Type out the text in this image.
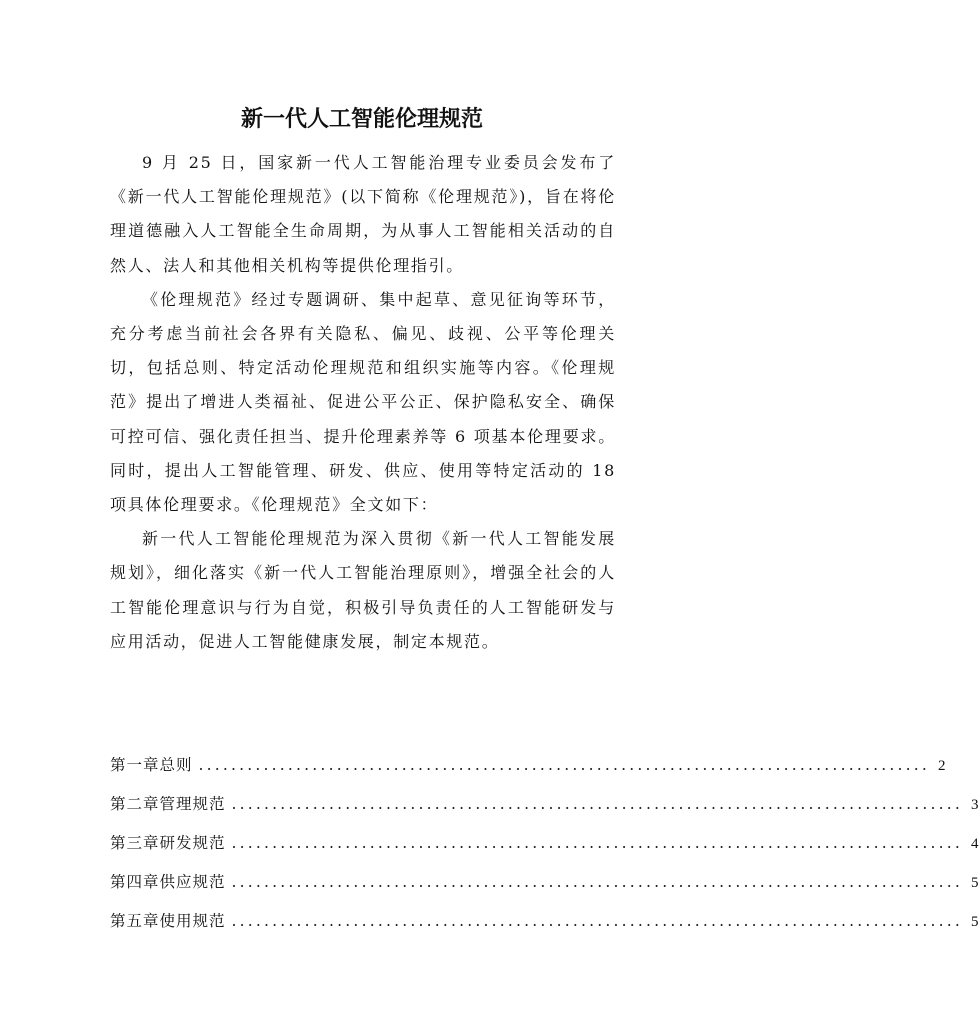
新一代人工智能伦理规范

9 月 25 日，国家新一代人工智能治理专业委员会发布了《新一代人工智能伦理规范》(以下简称《伦理规范》)，旨在将伦理道德融入人工智能全生命周期，为从事人工智能相关活动的自然人、法人和其他相关机构等提供伦理指引。

《伦理规范》经过专题调研、集中起草、意见征询等环节，充分考虑当前社会各界有关隐私、偏见、歧视、公平等伦理关切，包括总则、特定活动伦理规范和组织实施等内容。《伦理规范》提出了增进人类福祉、促进公平公正、保护隐私安全、确保可控可信、强化责任担当、提升伦理素养等 6 项基本伦理要求。同时，提出人工智能管理、研发、供应、使用等特定活动的 18 项具体伦理要求。《伦理规范》全文如下：

新一代人工智能伦理规范为深入贯彻《新一代人工智能发展规划》，细化落实《新一代人工智能治理原则》，增强全社会的人工智能伦理意识与行为自觉，积极引导负责任的人工智能研发与应用活动，促进人工智能健康发展，制定本规范。

第一章 总则 .......................................................................................... 2
第二章 管理规范 .......................................................................................... 3
第三章 研发规范 .......................................................................................... 4
第四章 供应规范 .......................................................................................... 5
第五章 使用规范 .......................................................................................... 5
